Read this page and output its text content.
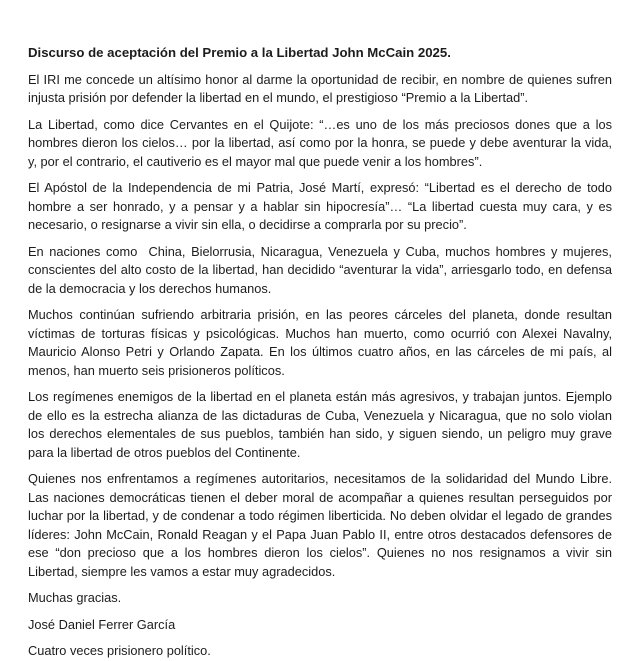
Discurso de aceptación del Premio a la Libertad John McCain 2025.

El IRI me concede un altísimo honor al darme la oportunidad de recibir, en nombre de quienes sufren injusta prisión por defender la libertad en el mundo, el prestigioso “Premio a la Libertad”.

La Libertad, como dice Cervantes en el Quijote: “…es uno de los más preciosos dones que a los hombres dieron los cielos… por la libertad, así como por la honra, se puede y debe aventurar la vida, y, por el contrario, el cautiverio es el mayor mal que puede venir a los hombres”.

El Apóstol de la Independencia de mi Patria, José Martí, expresó: “Libertad es el derecho de todo hombre a ser honrado, y a pensar y a hablar sin hipocresía”… “La libertad cuesta muy cara, y es necesario, o resignarse a vivir sin ella, o decidirse a comprarla por su precio”.

En naciones como  China, Bielorrusia, Nicaragua, Venezuela y Cuba, muchos hombres y mujeres, conscientes del alto costo de la libertad, han decidido “aventurar la vida”, arriesgarlo todo, en defensa de la democracia y los derechos humanos.

Muchos continúan sufriendo arbitraria prisión, en las peores cárceles del planeta, donde resultan víctimas de torturas físicas y psicológicas. Muchos han muerto, como ocurrió con Alexei Navalny, Mauricio Alonso Petri y Orlando Zapata. En los últimos cuatro años, en las cárceles de mi país, al menos, han muerto seis prisioneros políticos.

Los regímenes enemigos de la libertad en el planeta están más agresivos, y trabajan juntos. Ejemplo de ello es la estrecha alianza de las dictaduras de Cuba, Venezuela y Nicaragua, que no solo violan los derechos elementales de sus pueblos, también han sido, y siguen siendo, un peligro muy grave para la libertad de otros pueblos del Continente.

Quienes nos enfrentamos a regímenes autoritarios, necesitamos de la solidaridad del Mundo Libre. Las naciones democráticas tienen el deber moral de acompañar a quienes resultan perseguidos por luchar por la libertad, y de condenar a todo régimen liberticida. No deben olvidar el legado de grandes líderes: John McCain, Ronald Reagan y el Papa Juan Pablo II, entre otros destacados defensores de ese “don precioso que a los hombres dieron los cielos”. Quienes no nos resignamos a vivir sin Libertad, siempre les vamos a estar muy agradecidos.

Muchas gracias.

José Daniel Ferrer García

Cuatro veces prisionero político.
